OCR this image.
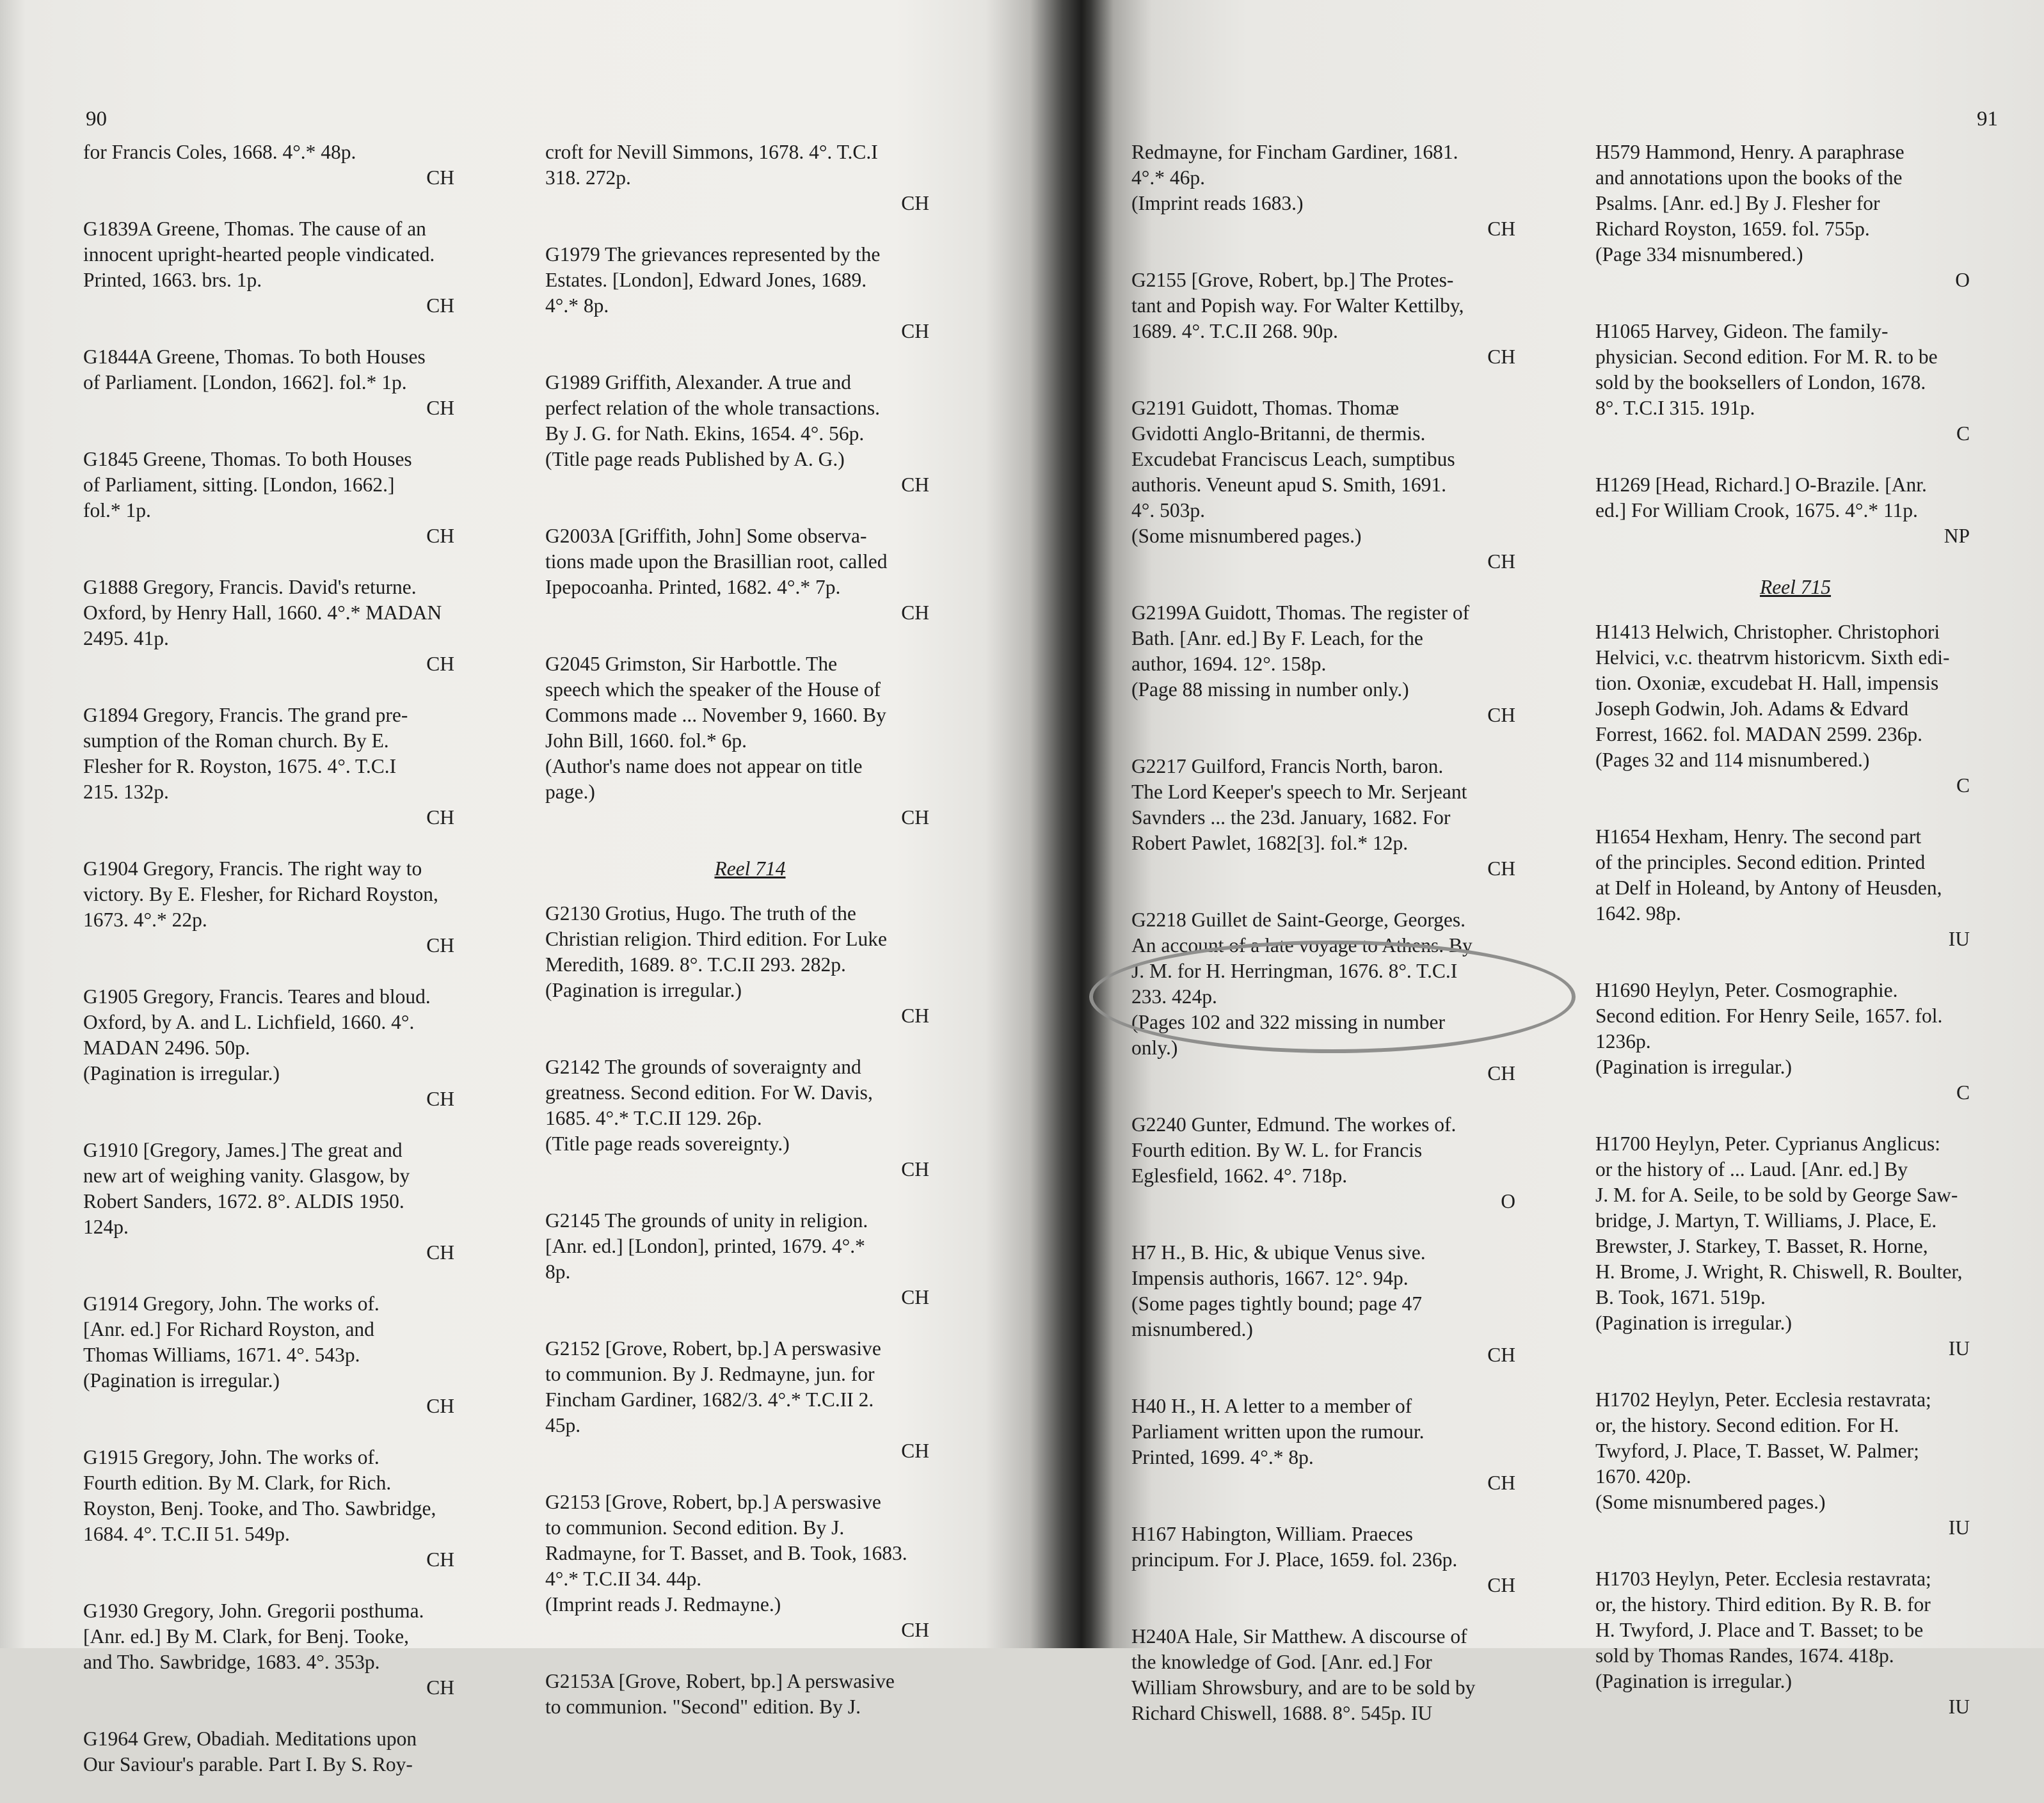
90	91
for Francis Coles, 1668. 4°.* 48p.
CH
G1839A Greene, Thomas. The cause of an
innocent upright-hearted people vindicated.
Printed, 1663. brs. 1p.
CH
G1844A Greene, Thomas. To both Houses
of Parliament. [London, 1662]. fol.* 1p.
CH
G1845 Greene, Thomas. To both Houses
of Parliament, sitting. [London, 1662.]
fol.* 1p.
CH
G1888 Gregory, Francis. David's returne.
Oxford, by Henry Hall, 1660. 4°.* MADAN
2495. 41p.
CH
G1894 Gregory, Francis. The grand pre-
sumption of the Roman church. By E.
Flesher for R. Royston, 1675. 4°. T.C.I
215. 132p.
CH
G1904 Gregory, Francis. The right way to
victory. By E. Flesher, for Richard Royston,
1673. 4°.* 22p.
CH
G1905 Gregory, Francis. Teares and bloud.
Oxford, by A. and L. Lichfield, 1660. 4°.
MADAN 2496. 50p.
(Pagination is irregular.)
CH
G1910 [Gregory, James.] The great and
new art of weighing vanity. Glasgow, by
Robert Sanders, 1672. 8°. ALDIS 1950.
124p.
CH
G1914 Gregory, John. The works of.
[Anr. ed.] For Richard Royston, and
Thomas Williams, 1671. 4°. 543p.
(Pagination is irregular.)
CH
G1915 Gregory, John. The works of.
Fourth edition. By M. Clark, for Rich.
Royston, Benj. Tooke, and Tho. Sawbridge,
1684. 4°. T.C.II 51. 549p.
CH
G1930 Gregory, John. Gregorii posthuma.
[Anr. ed.] By M. Clark, for Benj. Tooke,
and Tho. Sawbridge, 1683. 4°. 353p.
CH
G1964 Grew, Obadiah. Meditations upon
Our Saviour's parable. Part I. By S. Roy-
croft for Nevill Simmons, 1678. 4°. T.C.I
318. 272p.
CH
G1979 The grievances represented by the
Estates. [London], Edward Jones, 1689.
4°.* 8p.
CH
G1989 Griffith, Alexander. A true and
perfect relation of the whole transactions.
By J. G. for Nath. Ekins, 1654. 4°. 56p.
(Title page reads Published by A. G.)
CH
G2003A [Griffith, John] Some observa-
tions made upon the Brasillian root, called
Ipepocoanha. Printed, 1682. 4°.* 7p.
CH
G2045 Grimston, Sir Harbottle. The
speech which the speaker of the House of
Commons made ... November 9, 1660. By
John Bill, 1660. fol.* 6p.
(Author's name does not appear on title
page.)
CH
Reel 714
G2130 Grotius, Hugo. The truth of the
Christian religion. Third edition. For Luke
Meredith, 1689. 8°. T.C.II 293. 282p.
(Pagination is irregular.)
CH
G2142 The grounds of soveraignty and
greatness. Second edition. For W. Davis,
1685. 4°.* T.C.II 129. 26p.
(Title page reads sovereignty.)
CH
G2145 The grounds of unity in religion.
[Anr. ed.] [London], printed, 1679. 4°.*
8p.
CH
G2152 [Grove, Robert, bp.] A perswasive
to communion. By J. Redmayne, jun. for
Fincham Gardiner, 1682/3. 4°.* T.C.II 2.
45p.
CH
G2153 [Grove, Robert, bp.] A perswasive
to communion. Second edition. By J.
Radmayne, for T. Basset, and B. Took, 1683.
4°.* T.C.II 34. 44p.
(Imprint reads J. Redmayne.)
CH
G2153A [Grove, Robert, bp.] A perswasive
to communion. "Second" edition. By J.
Redmayne, for Fincham Gardiner, 1681.
4°.* 46p.
(Imprint reads 1683.)
CH
G2155 [Grove, Robert, bp.] The Protes-
tant and Popish way. For Walter Kettilby,
1689. 4°. T.C.II 268. 90p.
CH
G2191 Guidott, Thomas. Thomæ
Gvidotti Anglo-Britanni, de thermis.
Excudebat Franciscus Leach, sumptibus
authoris. Veneunt apud S. Smith, 1691.
4°. 503p.
(Some misnumbered pages.)
CH
G2199A Guidott, Thomas. The register of
Bath. [Anr. ed.] By F. Leach, for the
author, 1694. 12°. 158p.
(Page 88 missing in number only.)
CH
G2217 Guilford, Francis North, baron.
The Lord Keeper's speech to Mr. Serjeant
Savnders ... the 23d. January, 1682. For
Robert Pawlet, 1682[3]. fol.* 12p.
CH
G2218 Guillet de Saint-George, Georges.
An account of a late voyage to Athens. By
J. M. for H. Herringman, 1676. 8°. T.C.I
233. 424p.
(Pages 102 and 322 missing in number
only.)
CH
G2240 Gunter, Edmund. The workes of.
Fourth edition. By W. L. for Francis
Eglesfield, 1662. 4°. 718p.
O
H7 H., B. Hic, & ubique Venus sive.
Impensis authoris, 1667. 12°. 94p.
(Some pages tightly bound; page 47
misnumbered.)
CH
H40 H., H. A letter to a member of
Parliament written upon the rumour.
Printed, 1699. 4°.* 8p.
CH
H167 Habington, William. Praeces
principum. For J. Place, 1659. fol. 236p.
CH
H240A Hale, Sir Matthew. A discourse of
the knowledge of God. [Anr. ed.] For
William Shrowsbury, and are to be sold by
Richard Chiswell, 1688. 8°. 545p. IU
H579 Hammond, Henry. A paraphrase
and annotations upon the books of the
Psalms. [Anr. ed.] By J. Flesher for
Richard Royston, 1659. fol. 755p.
(Page 334 misnumbered.)
O
H1065 Harvey, Gideon. The family-
physician. Second edition. For M. R. to be
sold by the booksellers of London, 1678.
8°. T.C.I 315. 191p.
C
H1269 [Head, Richard.] O-Brazile. [Anr.
ed.] For William Crook, 1675. 4°.* 11p.
NP
Reel 715
H1413 Helwich, Christopher. Christophori
Helvici, v.c. theatrvm historicvm. Sixth edi-
tion. Oxoniæ, excudebat H. Hall, impensis
Joseph Godwin, Joh. Adams & Edvard
Forrest, 1662. fol. MADAN 2599. 236p.
(Pages 32 and 114 misnumbered.)
C
H1654 Hexham, Henry. The second part
of the principles. Second edition. Printed
at Delf in Holeand, by Antony of Heusden,
1642. 98p.
IU
H1690 Heylyn, Peter. Cosmographie.
Second edition. For Henry Seile, 1657. fol.
1236p.
(Pagination is irregular.)
C
H1700 Heylyn, Peter. Cyprianus Anglicus:
or the history of ... Laud. [Anr. ed.] By
J. M. for A. Seile, to be sold by George Saw-
bridge, J. Martyn, T. Williams, J. Place, E.
Brewster, J. Starkey, T. Basset, R. Horne,
H. Brome, J. Wright, R. Chiswell, R. Boulter,
B. Took, 1671. 519p.
(Pagination is irregular.)
IU
H1702 Heylyn, Peter. Ecclesia restavrata;
or, the history. Second edition. For H.
Twyford, J. Place, T. Basset, W. Palmer;
1670. 420p.
(Some misnumbered pages.)
IU
H1703 Heylyn, Peter. Ecclesia restavrata;
or, the history. Third edition. By R. B. for
H. Twyford, J. Place and T. Basset; to be
sold by Thomas Randes, 1674. 418p.
(Pagination is irregular.)
IU
